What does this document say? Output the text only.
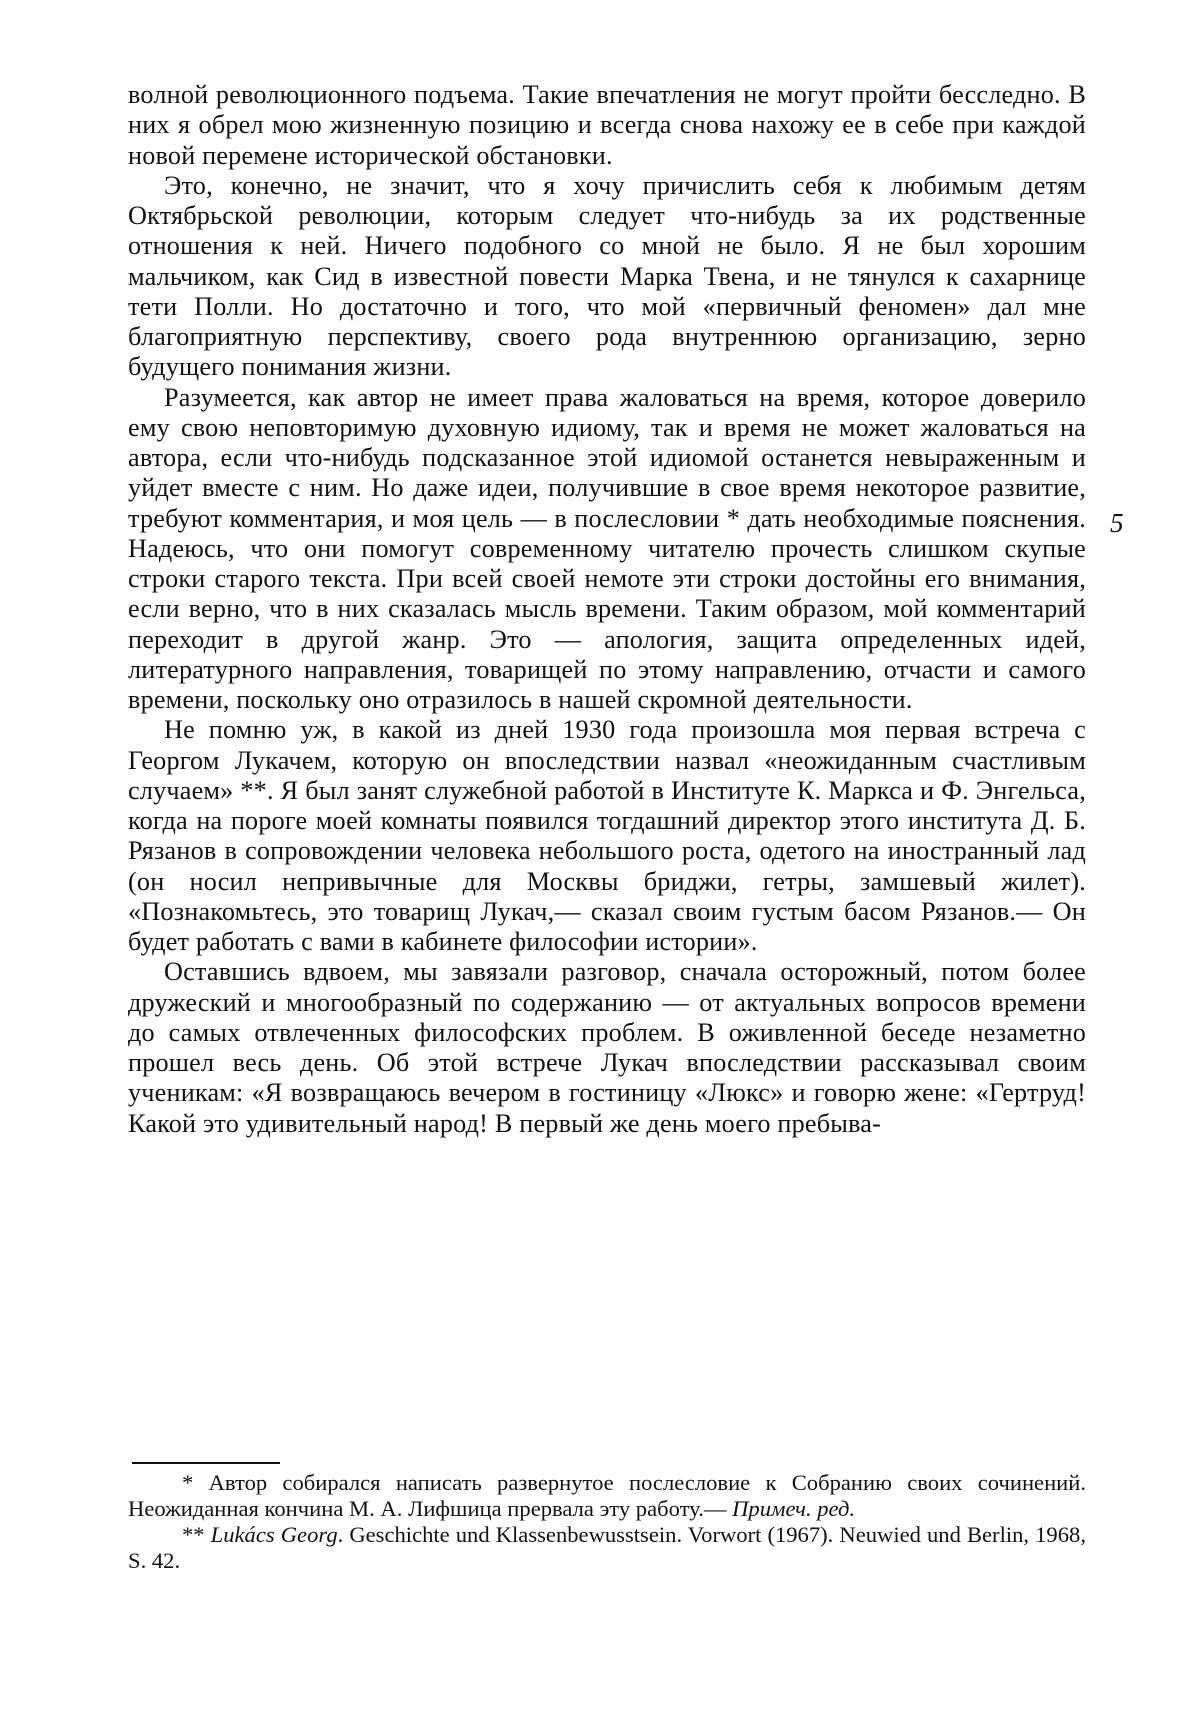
волной революционного подъема. Такие впечатления не могут пройти бесследно. В них я обрел мою жизненную позицию и всегда снова нахожу ее в себе при каждой новой перемене исторической обстановки.

Это, конечно, не значит, что я хочу причислить себя к любимым детям Октябрьской революции, которым следует что-нибудь за их родственные отношения к ней. Ничего подобного со мной не было. Я не был хорошим мальчиком, как Сид в известной повести Марка Твена, и не тянулся к сахарнице тети Полли. Но достаточно и того, что мой «первичный феномен» дал мне благоприятную перспективу, своего рода внутреннюю организацию, зерно будущего понимания жизни.

Разумеется, как автор не имеет права жаловаться на время, которое доверило ему свою неповторимую духовную идиому, так и время не может жаловаться на автора, если что-нибудь подсказанное этой идиомой останется невыраженным и уйдет вместе с ним. Но даже идеи, получившие в свое время некоторое развитие, требуют комментария, и моя цель — в послесловии * дать необходимые пояснения. Надеюсь, что они помогут современному читателю прочесть слишком скупые строки старого текста. При всей своей немоте эти строки достойны его внимания, если верно, что в них сказалась мысль времени. Таким образом, мой комментарий переходит в другой жанр. Это — апология, защита определенных идей, литературного направления, товарищей по этому направлению, отчасти и самого времени, поскольку оно отразилось в нашей скромной деятельности.

Не помню уж, в какой из дней 1930 года произошла моя первая встреча с Георгом Лукачем, которую он впоследствии назвал «неожиданным счастливым случаем» **. Я был занят служебной работой в Институте К. Маркса и Ф. Энгельса, когда на пороге моей комнаты появился тогдашний директор этого института Д. Б. Рязанов в сопровождении человека небольшого роста, одетого на иностранный лад (он носил непривычные для Москвы бриджи, гетры, замшевый жилет). «Познакомьтесь, это товарищ Лукач,— сказал своим густым басом Рязанов.— Он будет работать с вами в кабинете философии истории».

Оставшись вдвоем, мы завязали разговор, сначала осторожный, потом более дружеский и многообразный по содержанию — от актуальных вопросов времени до самых отвлеченных философских проблем. В оживленной беседе незаметно прошел весь день. Об этой встрече Лукач впоследствии рассказывал своим ученикам: «Я возвращаюсь вечером в гостиницу «Люкс» и говорю жене: «Гертруд! Какой это удивительный народ! В первый же день моего пребыва-

5

* Автор собирался написать развернутое послесловие к Собранию своих сочинений. Неожиданная кончина М. А. Лифшица прервала эту работу.— Примеч. ред.

** Lukács Georg. Geschichte und Klassenbewusstsein. Vorwort (1967). Neuwied und Berlin, 1968, S. 42.
